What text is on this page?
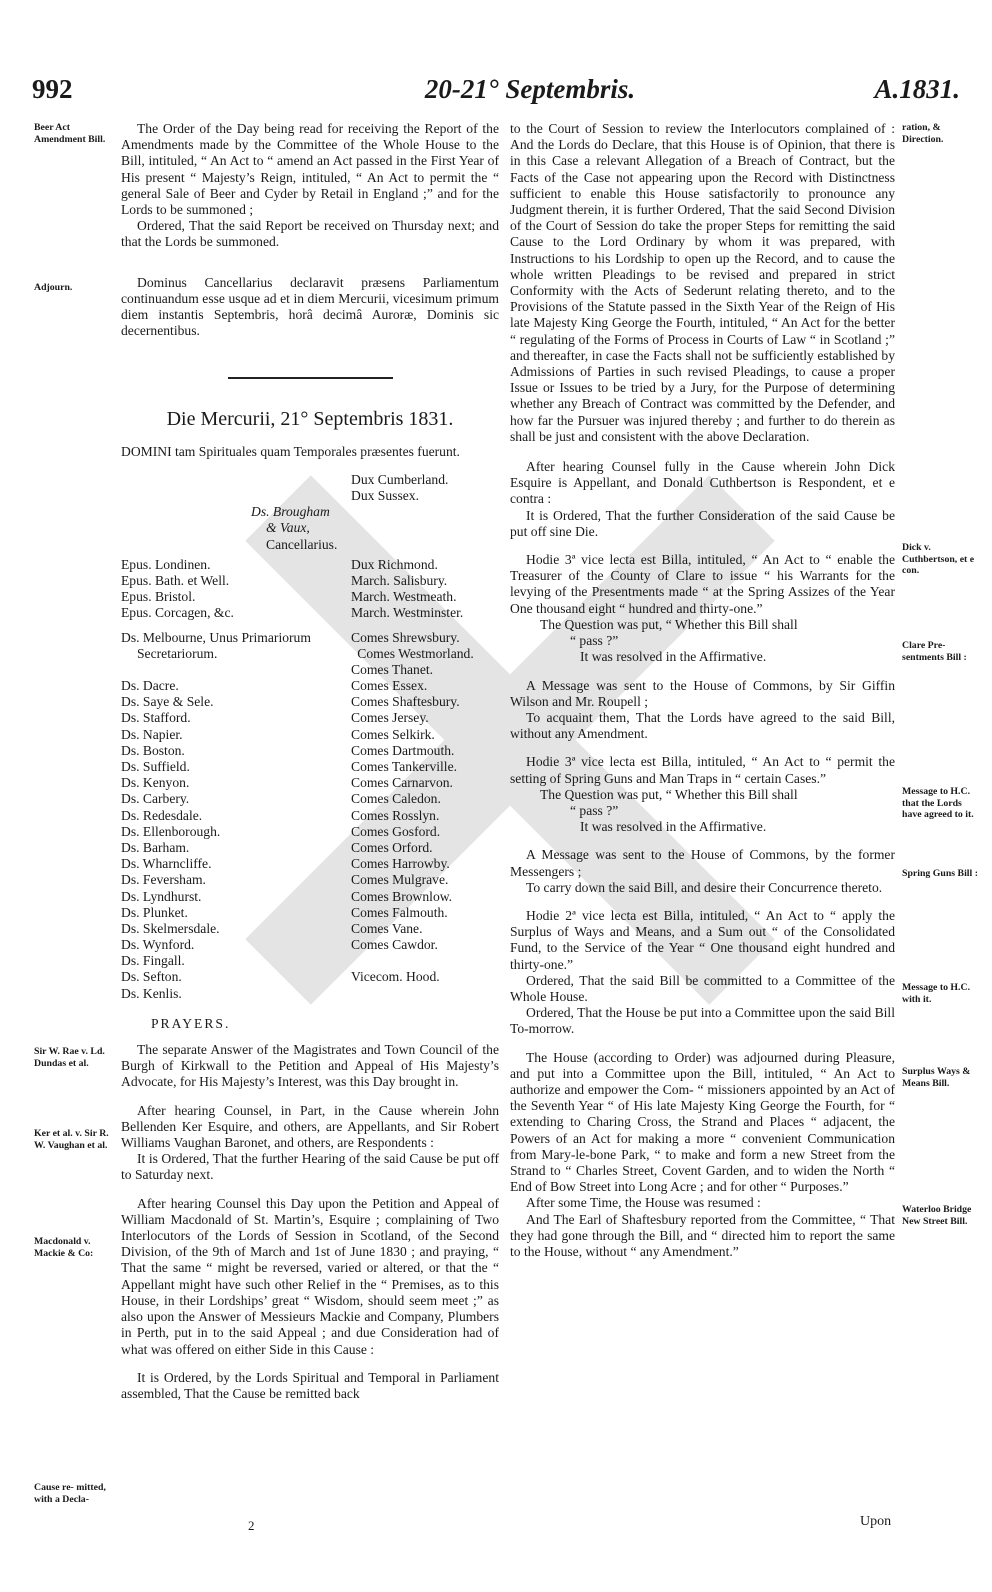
992	20-21° Septembris.	A.1831.
Beer Act Amendment Bill.
Adjourn.
Sir W. Rae v. Ld. Dundas et al.
Ker et al. v. Sir R. W. Vaughan et al.
Macdonald v. Mackie & Co:
Cause re- mitted, with a Decla-
ration, & Direction.
Dick v. Cuthbertson, et e con.
Clare Pre- sentments Bill :
Message to H.C. that the Lords have agreed to it.
Spring Guns Bill :
Message to H.C. with it.
Surplus Ways & Means Bill.
Waterloo Bridge New Street Bill.

The Order of the Day being read for receiving the Report of the Amendments made by the Committee of the Whole House to the Bill, intituled, “ An Act to “ amend an Act passed in the First Year of His present “ Majesty’s Reign, intituled, “ An Act to permit the “ general Sale of Beer and Cyder by Retail in England ;” and for the Lords to be summoned ;

Ordered, That the said Report be received on Thursday next; and that the Lords be summoned.

Dominus Cancellarius declaravit præsens Parliamentum continuandum esse usque ad et in diem Mercurii, vicesimum primum diem instantis Septembris, horâ decimâ Auroræ, Dominis sic decernentibus.

Die Mercurii, 21° Septembris 1831.

DOMINI tam Spirituales quam Temporales præsentes fuerunt.

Dux Cumberland.
Dux Sussex.
Ds. Brougham
& Vaux,
Cancellarius.
Epus. Londinen.	Dux Richmond.
Epus. Bath. et Well.	March. Salisbury.
Epus. Bristol.	March. Westmeath.
Epus. Corcagen, &c.	March. Westminster.
Ds. Melbourne, Unus Primariorum	Comes Shrewsbury.
Secretariorum.	Comes Westmorland.
Comes Thanet.
Ds. Dacre.	Comes Essex.
Ds. Saye & Sele.	Comes Shaftesbury.
Ds. Stafford.	Comes Jersey.
Ds. Napier.	Comes Selkirk.
Ds. Boston.	Comes Dartmouth.
Ds. Suffield.	Comes Tankerville.
Ds. Kenyon.	Comes Carnarvon.
Ds. Carbery.	Comes Caledon.
Ds. Redesdale.	Comes Rosslyn.
Ds. Ellenborough.	Comes Gosford.
Ds. Barham.	Comes Orford.
Ds. Wharncliffe.	Comes Harrowby.
Ds. Feversham.	Comes Mulgrave.
Ds. Lyndhurst.	Comes Brownlow.
Ds. Plunket.	Comes Falmouth.
Ds. Skelmersdale.	Comes Vane.
Ds. Wynford.	Comes Cawdor.
Ds. Fingall.
Ds. Sefton.	Vicecom. Hood.
Ds. Kenlis.
PRAYERS.

The separate Answer of the Magistrates and Town Council of the Burgh of Kirkwall to the Petition and Appeal of His Majesty’s Advocate, for His Majesty’s Interest, was this Day brought in.

After hearing Counsel, in Part, in the Cause wherein John Bellenden Ker Esquire, and others, are Appellants, and Sir Robert Williams Vaughan Baronet, and others, are Respondents :

It is Ordered, That the further Hearing of the said Cause be put off to Saturday next.

After hearing Counsel this Day upon the Petition and Appeal of William Macdonald of St. Martin’s, Esquire ; complaining of Two Interlocutors of the Lords of Session in Scotland, of the Second Division, of the 9th of March and 1st of June 1830 ; and praying, “ That the same “ might be reversed, varied or altered, or that the “ Appellant might have such other Relief in the “ Premises, as to this House, in their Lordships’ great “ Wisdom, should seem meet ;” as also upon the Answer of Messieurs Mackie and Company, Plumbers in Perth, put in to the said Appeal ; and due Consideration had of what was offered on either Side in this Cause :

It is Ordered, by the Lords Spiritual and Temporal in Parliament assembled, That the Cause be remitted back

to the Court of Session to review the Interlocutors complained of : And the Lords do Declare, that this House is of Opinion, that there is in this Case a relevant Allegation of a Breach of Contract, but the Facts of the Case not appearing upon the Record with Distinctness sufficient to enable this House satisfactorily to pronounce any Judgment therein, it is further Ordered, That the said Second Division of the Court of Session do take the proper Steps for remitting the said Cause to the Lord Ordinary by whom it was prepared, with Instructions to his Lordship to open up the Record, and to cause the whole written Pleadings to be revised and prepared in strict Conformity with the Acts of Sederunt relating thereto, and to the Provisions of the Statute passed in the Sixth Year of the Reign of His late Majesty King George the Fourth, intituled, “ An Act for the better “ regulating of the Forms of Process in Courts of Law “ in Scotland ;” and thereafter, in case the Facts shall not be sufficiently established by Admissions of Parties in such revised Pleadings, to cause a proper Issue or Issues to be tried by a Jury, for the Purpose of determining whether any Breach of Contract was committed by the Defender, and how far the Pursuer was injured thereby ; and further to do therein as shall be just and consistent with the above Declaration.

After hearing Counsel fully in the Cause wherein John Dick Esquire is Appellant, and Donald Cuthbertson is Respondent, et e contra :

It is Ordered, That the further Consideration of the said Cause be put off sine Die.

Hodie 3ª vice lecta est Billa, intituled, “ An Act to “ enable the Treasurer of the County of Clare to issue “ his Warrants for the levying of the Presentments made “ at the Spring Assizes of the Year One thousand eight “ hundred and thirty-one.”

The Question was put, “ Whether this Bill shall

“ pass ?”

It was resolved in the Affirmative.

A Message was sent to the House of Commons, by Sir Giffin Wilson and Mr. Roupell ;

To acquaint them, That the Lords have agreed to the said Bill, without any Amendment.

Hodie 3ª vice lecta est Billa, intituled, “ An Act to “ permit the setting of Spring Guns and Man Traps in “ certain Cases.”

The Question was put, “ Whether this Bill shall

“ pass ?”

It was resolved in the Affirmative.

A Message was sent to the House of Commons, by the former Messengers ;

To carry down the said Bill, and desire their Concurrence thereto.

Hodie 2ª vice lecta est Billa, intituled, “ An Act to “ apply the Surplus of Ways and Means, and a Sum out “ of the Consolidated Fund, to the Service of the Year “ One thousand eight hundred and thirty-one.”

Ordered, That the said Bill be committed to a Committee of the Whole House.

Ordered, That the House be put into a Committee upon the said Bill To-morrow.

The House (according to Order) was adjourned during Pleasure, and put into a Committee upon the Bill, intituled, “ An Act to authorize and empower the Com- “ missioners appointed by an Act of the Seventh Year “ of His late Majesty King George the Fourth, for “ extending to Charing Cross, the Strand and Places “ adjacent, the Powers of an Act for making a more “ convenient Communication from Mary-le-bone Park, “ to make and form a new Street from the Strand to “ Charles Street, Covent Garden, and to widen the North “ End of Bow Street into Long Acre ; and for other “ Purposes.”

After some Time, the House was resumed :

And The Earl of Shaftesbury reported from the Committee, “ That they had gone through the Bill, and “ directed him to report the same to the House, without “ any Amendment.”

2	Upon
